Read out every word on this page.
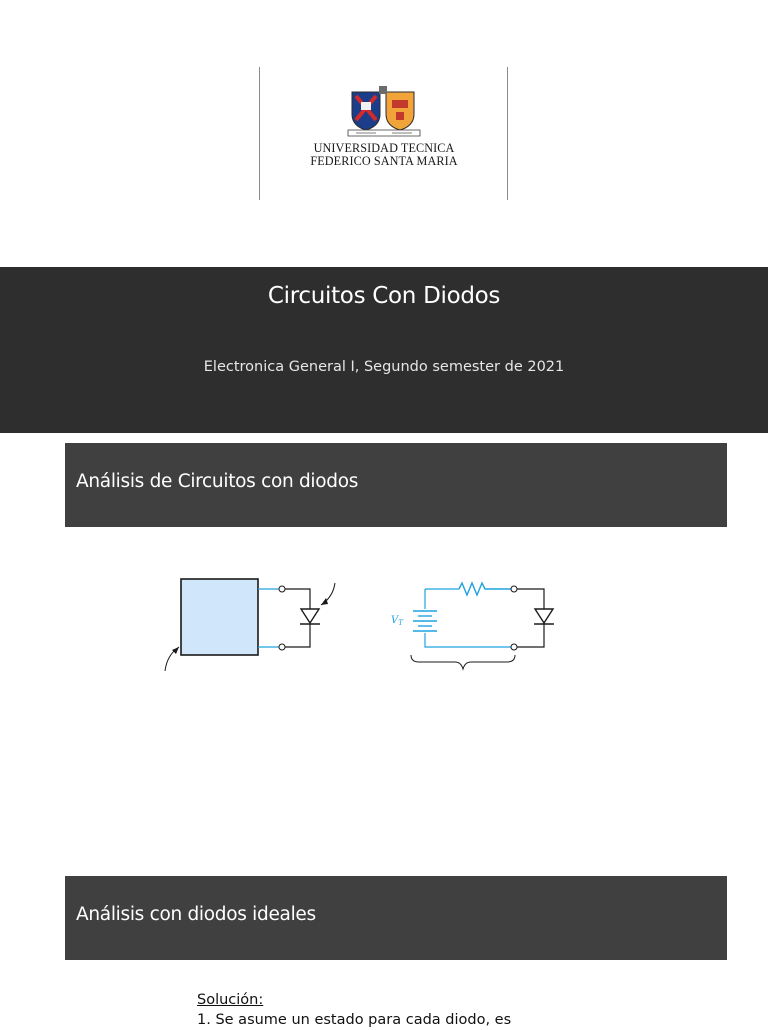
UNIVERSIDAD TECNICA
FEDERICO SANTA MARIA
Circuitos Con Diodos
Electronica General I, Segundo semester de 2021
Análisis de Circuitos con diodos
$V_T$
Análisis con diodos ideales
Solución:
1. Se asume un estado para cada diodo, es
